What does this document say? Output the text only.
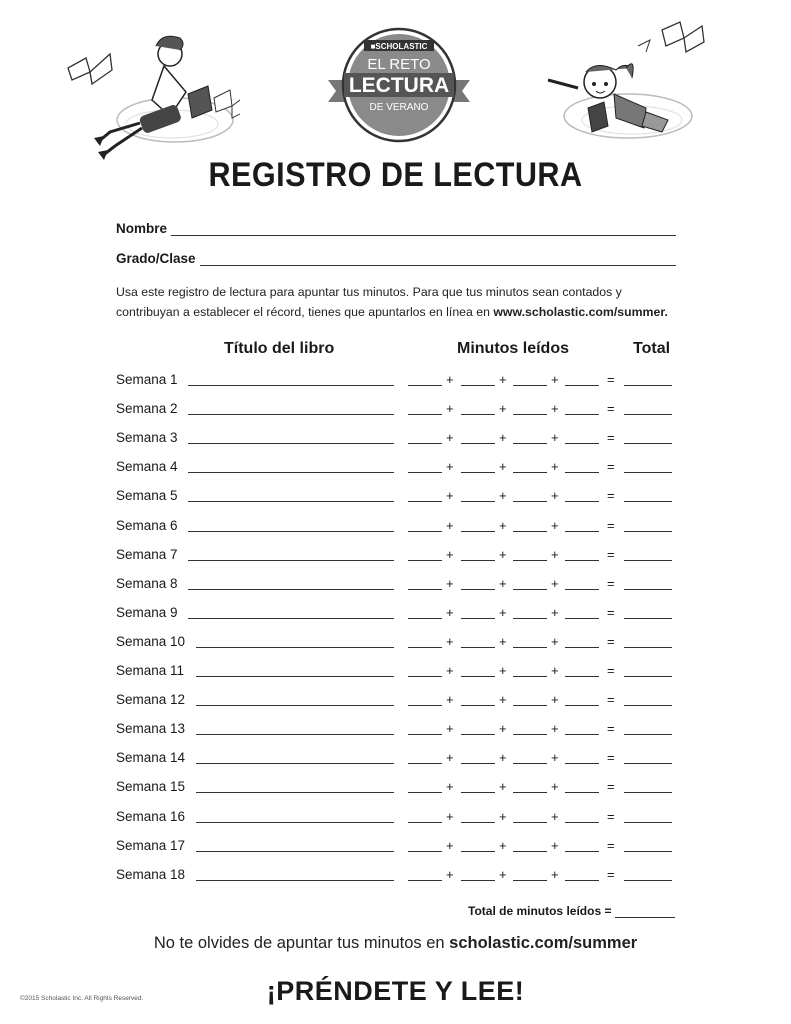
■SCHOLASTIC
EL RETO
LECTURA
DE VERANO
REGISTRO DE LECTURA
Nombre
Grado/Clase
Usa este registro de lectura para apuntar tus minutos. Para que tus minutos sean contados y contribuyan a establecer el récord, tienes que apuntarlos en línea en www.scholastic.com/summer.
Título del libro	Minutos leídos	Total
Semana 1	+	+	+	=
Semana 2	+	+	+	=
Semana 3	+	+	+	=
Semana 4	+	+	+	=
Semana 5	+	+	+	=
Semana 6	+	+	+	=
Semana 7	+	+	+	=
Semana 8	+	+	+	=
Semana 9	+	+	+	=
Semana 10	+	+	+	=
Semana 11	+	+	+	=
Semana 12	+	+	+	=
Semana 13	+	+	+	=
Semana 14	+	+	+	=
Semana 15	+	+	+	=
Semana 16	+	+	+	=
Semana 17	+	+	+	=
Semana 18	+	+	+	=
Total de minutos leídos =
No te olvides de apuntar tus minutos en scholastic.com/summer
¡PRÉNDETE Y LEE!
©2015 Scholastic Inc. All Rights Reserved.
